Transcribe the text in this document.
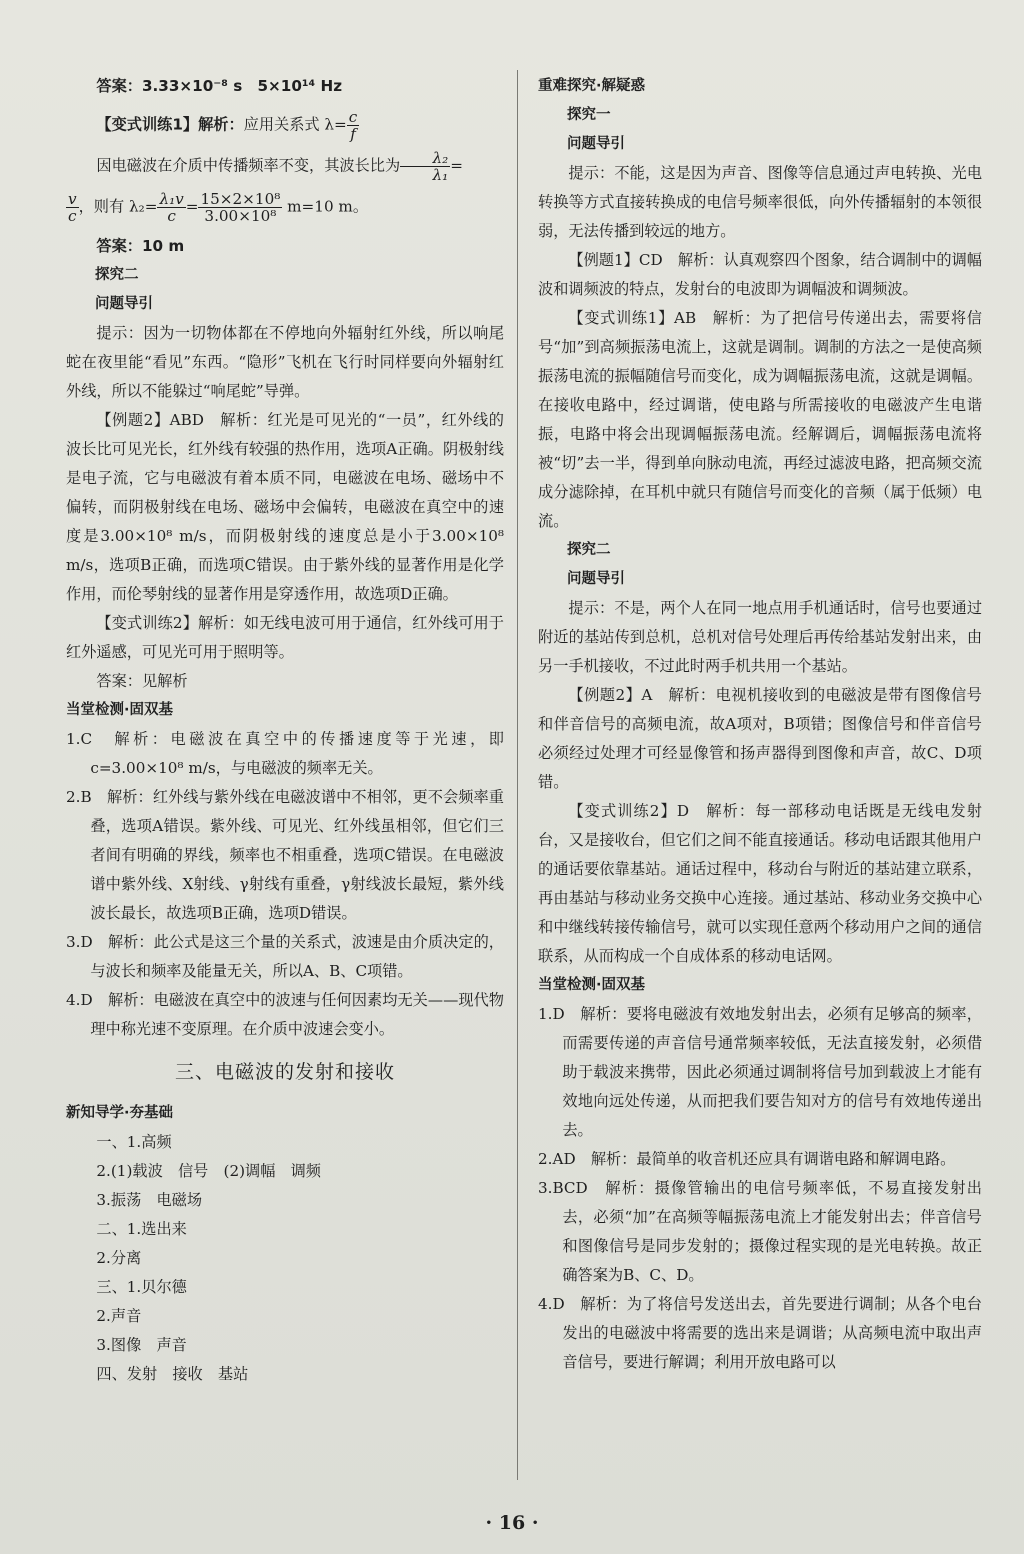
答案：3.33×10⁻⁸ s　5×10¹⁴ Hz

【变式训练1】解析：应用关系式 $\lambda= \frac{c}{f}$

因电磁波在介质中传播频率不变，其波长比为 $\frac{\text{λ₂}}{\text{λ₁}}$ =

$\frac{v}{c}$ ，则有 $\lambda_2= \frac{\text{λ₁v}}{c} = \frac{\text{15×2×10⁸}}{\text{3.00×10⁸}} m=10$ m。

答案：10 m

探究二

问题导引

提示：因为一切物体都在不停地向外辐射红外线，所以响尾蛇在夜里能“看见”东西。“隐形”飞机在飞行时同样要向外辐射红外线，所以不能躲过“响尾蛇”导弹。

【例题2】ABD　解析：红光是可见光的“一员”，红外线的波长比可见光长，红外线有较强的热作用，选项A正确。阴极射线是电子流，它与电磁波有着本质不同，电磁波在电场、磁场中不偏转，而阴极射线在电场、磁场中会偏转，电磁波在真空中的速度是3.00×10⁸ m/s，而阴极射线的速度总是小于3.00×10⁸ m/s，选项B正确，而选项C错误。由于紫外线的显著作用是化学作用，而伦琴射线的显著作用是穿透作用，故选项D正确。

【变式训练2】解析：如无线电波可用于通信，红外线可用于红外遥感，可见光可用于照明等。

答案：见解析

当堂检测·固双基

1.C　解析：电磁波在真空中的传播速度等于光速，即c=3.00×10⁸ m/s，与电磁波的频率无关。

2.B　解析：红外线与紫外线在电磁波谱中不相邻，更不会频率重叠，选项A错误。紫外线、可见光、红外线虽相邻，但它们三者间有明确的界线，频率也不相重叠，选项C错误。在电磁波谱中紫外线、X射线、γ射线有重叠，γ射线波长最短，紫外线波长最长，故选项B正确，选项D错误。

3.D　解析：此公式是这三个量的关系式，波速是由介质决定的，与波长和频率及能量无关，所以A、B、C项错。

4.D　解析：电磁波在真空中的波速与任何因素均无关——现代物理中称光速不变原理。在介质中波速会变小。

三、电磁波的发射和接收

新知导学·夯基础

一、1.高频

2.(1)载波　信号　(2)调幅　调频

3.振荡　电磁场

二、1.选出来

2.分离

三、1.贝尔德

2.声音

3.图像　声音

四、发射　接收　基站

重难探究·解疑惑

探究一

问题导引

提示：不能，这是因为声音、图像等信息通过声电转换、光电转换等方式直接转换成的电信号频率很低，向外传播辐射的本领很弱，无法传播到较远的地方。

【例题1】CD　解析：认真观察四个图象，结合调制中的调幅波和调频波的特点，发射台的电波即为调幅波和调频波。

【变式训练1】AB　解析：为了把信号传递出去，需要将信号“加”到高频振荡电流上，这就是调制。调制的方法之一是使高频振荡电流的振幅随信号而变化，成为调幅振荡电流，这就是调幅。在接收电路中，经过调谐，使电路与所需接收的电磁波产生电谐振，电路中将会出现调幅振荡电流。经解调后，调幅振荡电流将被“切”去一半，得到单向脉动电流，再经过滤波电路，把高频交流成分滤除掉，在耳机中就只有随信号而变化的音频（属于低频）电流。

探究二

问题导引

提示：不是，两个人在同一地点用手机通话时，信号也要通过附近的基站传到总机，总机对信号处理后再传给基站发射出来，由另一手机接收，不过此时两手机共用一个基站。

【例题2】A　解析：电视机接收到的电磁波是带有图像信号和伴音信号的高频电流，故A项对，B项错；图像信号和伴音信号必须经过处理才可经显像管和扬声器得到图像和声音，故C、D项错。

【变式训练2】D　解析：每一部移动电话既是无线电发射台，又是接收台，但它们之间不能直接通话。移动电话跟其他用户的通话要依靠基站。通话过程中，移动台与附近的基站建立联系，再由基站与移动业务交换中心连接。通过基站、移动业务交换中心和中继线转接传输信号，就可以实现任意两个移动用户之间的通信联系，从而构成一个自成体系的移动电话网。

当堂检测·固双基

1.D　解析：要将电磁波有效地发射出去，必须有足够高的频率，而需要传递的声音信号通常频率较低，无法直接发射，必须借助于载波来携带，因此必须通过调制将信号加到载波上才能有效地向远处传递，从而把我们要告知对方的信号有效地传递出去。

2.AD　解析：最简单的收音机还应具有调谐电路和解调电路。

3.BCD　解析：摄像管输出的电信号频率低，不易直接发射出去，必须“加”在高频等幅振荡电流上才能发射出去；伴音信号和图像信号是同步发射的；摄像过程实现的是光电转换。故正确答案为B、C、D。

4.D　解析：为了将信号发送出去，首先要进行调制；从各个电台发出的电磁波中将需要的选出来是调谐；从高频电流中取出声音信号，要进行解调；利用开放电路可以

· 16 ·
